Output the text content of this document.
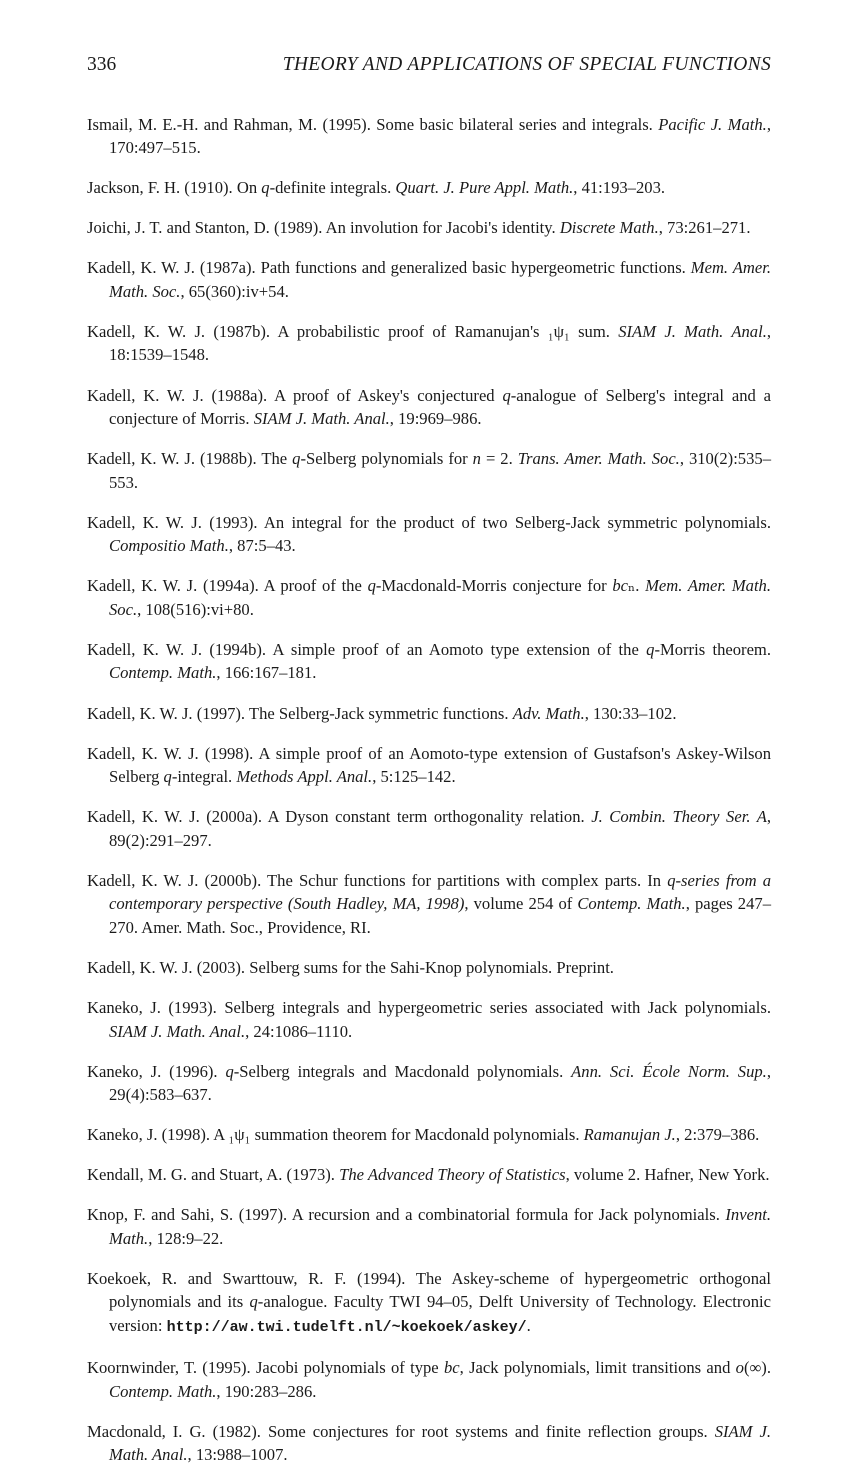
336	THEORY AND APPLICATIONS OF SPECIAL FUNCTIONS

Ismail, M. E.-H. and Rahman, M. (1995). Some basic bilateral series and integrals. Pacific J. Math., 170:497–515.

Jackson, F. H. (1910). On q-definite integrals. Quart. J. Pure Appl. Math., 41:193–203.

Joichi, J. T. and Stanton, D. (1989). An involution for Jacobi's identity. Discrete Math., 73:261–271.

Kadell, K. W. J. (1987a). Path functions and generalized basic hypergeometric functions. Mem. Amer. Math. Soc., 65(360):iv+54.

Kadell, K. W. J. (1987b). A probabilistic proof of Ramanujan's ₁ψ₁ sum. SIAM J. Math. Anal., 18:1539–1548.

Kadell, K. W. J. (1988a). A proof of Askey's conjectured q-analogue of Selberg's integral and a conjecture of Morris. SIAM J. Math. Anal., 19:969–986.

Kadell, K. W. J. (1988b). The q-Selberg polynomials for n = 2. Trans. Amer. Math. Soc., 310(2):535–553.

Kadell, K. W. J. (1993). An integral for the product of two Selberg-Jack symmetric polynomials. Compositio Math., 87:5–43.

Kadell, K. W. J. (1994a). A proof of the q-Macdonald-Morris conjecture for bcₙ. Mem. Amer. Math. Soc., 108(516):vi+80.

Kadell, K. W. J. (1994b). A simple proof of an Aomoto type extension of the q-Morris theorem. Contemp. Math., 166:167–181.

Kadell, K. W. J. (1997). The Selberg-Jack symmetric functions. Adv. Math., 130:33–102.

Kadell, K. W. J. (1998). A simple proof of an Aomoto-type extension of Gustafson's Askey-Wilson Selberg q-integral. Methods Appl. Anal., 5:125–142.

Kadell, K. W. J. (2000a). A Dyson constant term orthogonality relation. J. Combin. Theory Ser. A, 89(2):291–297.

Kadell, K. W. J. (2000b). The Schur functions for partitions with complex parts. In q-series from a contemporary perspective (South Hadley, MA, 1998), volume 254 of Contemp. Math., pages 247–270. Amer. Math. Soc., Providence, RI.

Kadell, K. W. J. (2003). Selberg sums for the Sahi-Knop polynomials. Preprint.

Kaneko, J. (1993). Selberg integrals and hypergeometric series associated with Jack polynomials. SIAM J. Math. Anal., 24:1086–1110.

Kaneko, J. (1996). q-Selberg integrals and Macdonald polynomials. Ann. Sci. École Norm. Sup., 29(4):583–637.

Kaneko, J. (1998). A ₁ψ₁ summation theorem for Macdonald polynomials. Ramanujan J., 2:379–386.

Kendall, M. G. and Stuart, A. (1973). The Advanced Theory of Statistics, volume 2. Hafner, New York.

Knop, F. and Sahi, S. (1997). A recursion and a combinatorial formula for Jack polynomials. Invent. Math., 128:9–22.

Koekoek, R. and Swarttouw, R. F. (1994). The Askey-scheme of hypergeometric orthogonal polynomials and its q-analogue. Faculty TWI 94–05, Delft University of Technology. Electronic version: http://aw.twi.tudelft.nl/~koekoek/askey/.

Koornwinder, T. (1995). Jacobi polynomials of type bc, Jack polynomials, limit transitions and o(∞). Contemp. Math., 190:283–286.

Macdonald, I. G. (1982). Some conjectures for root systems and finite reflection groups. SIAM J. Math. Anal., 13:988–1007.
